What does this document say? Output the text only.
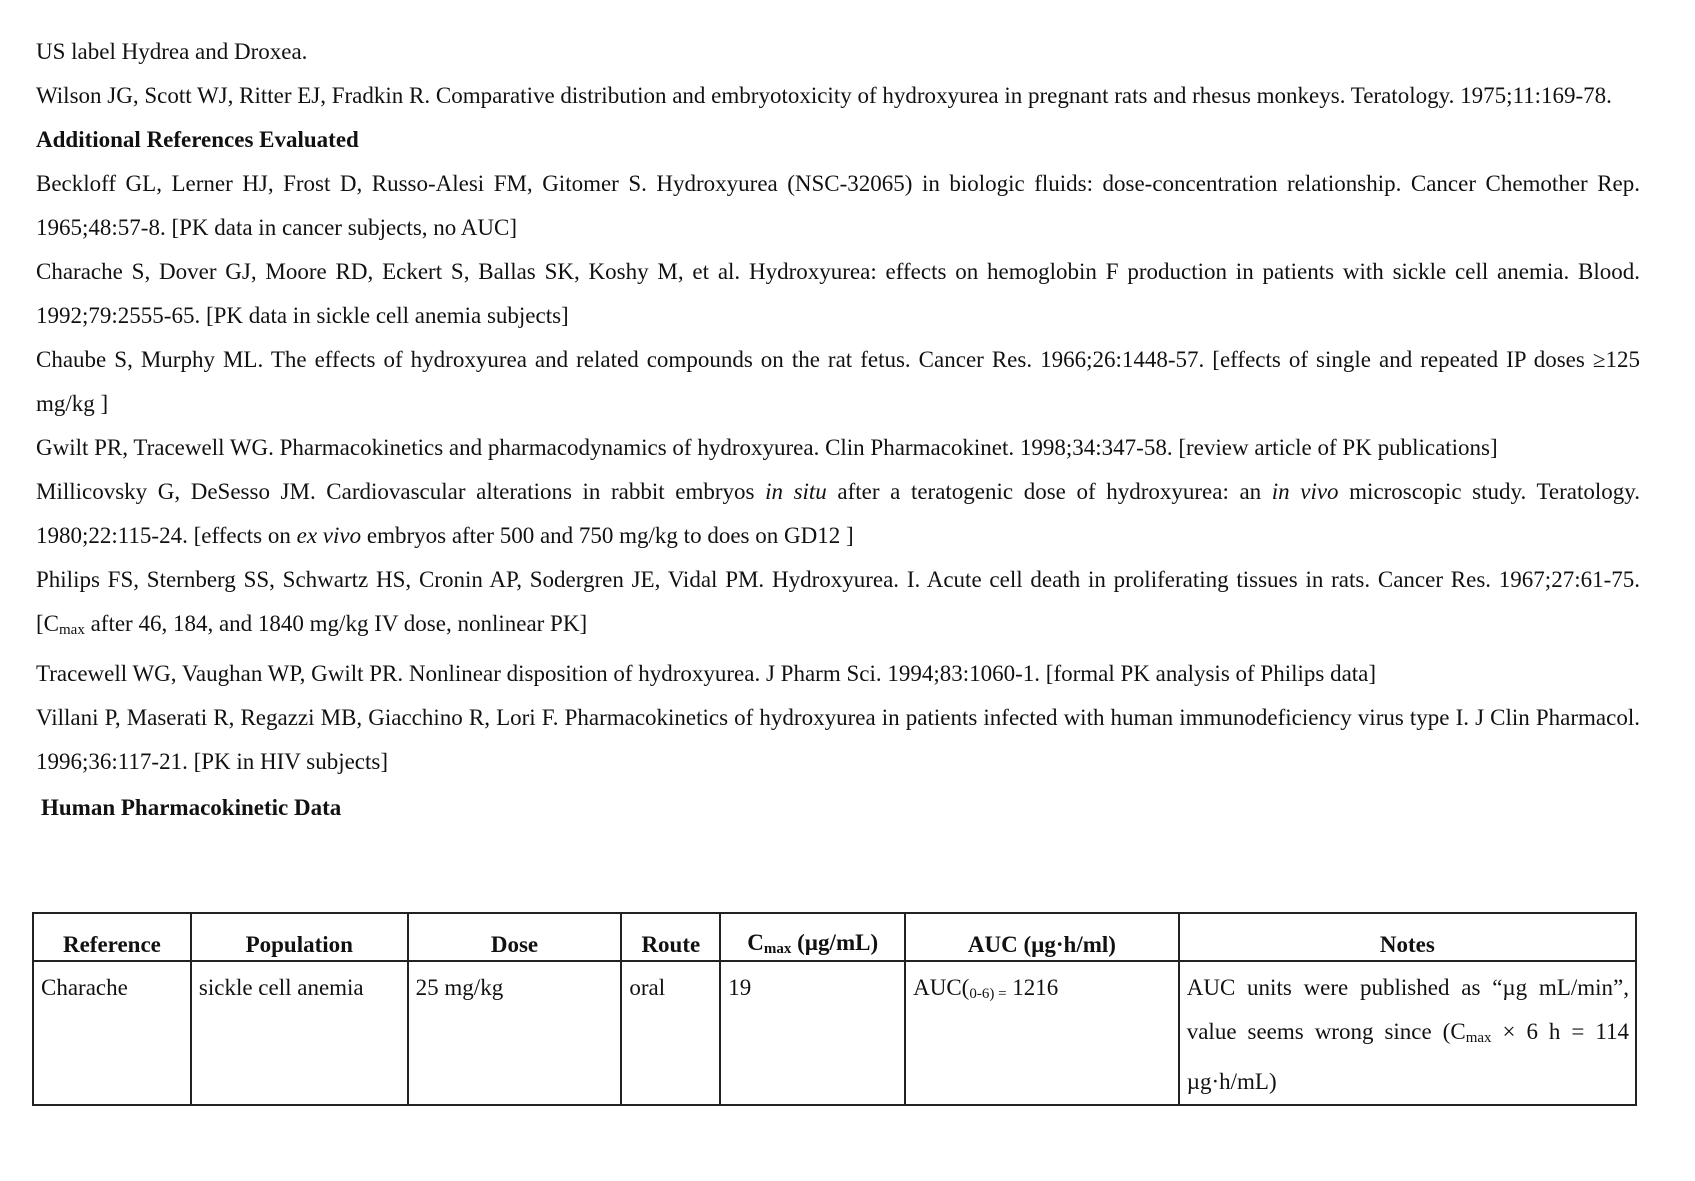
US label Hydrea and Droxea.

Wilson JG, Scott WJ, Ritter EJ, Fradkin R. Comparative distribution and embryotoxicity of hydroxyurea in pregnant rats and rhesus monkeys. Teratology. 1975;11:169-78.

Additional References Evaluated

Beckloff GL, Lerner HJ, Frost D, Russo-Alesi FM, Gitomer S. Hydroxyurea (NSC-32065) in biologic fluids: dose-concentration relationship. Cancer Chemother Rep. 1965;48:57-8. [PK data in cancer subjects, no AUC]

Charache S, Dover GJ, Moore RD, Eckert S, Ballas SK, Koshy M, et al. Hydroxyurea: effects on hemoglobin F production in patients with sickle cell anemia. Blood. 1992;79:2555-65. [PK data in sickle cell anemia subjects]

Chaube S, Murphy ML. The effects of hydroxyurea and related compounds on the rat fetus. Cancer Res. 1966;26:1448-57. [effects of single and repeated IP doses ≥125 mg/kg ]

Gwilt PR, Tracewell WG. Pharmacokinetics and pharmacodynamics of hydroxyurea. Clin Pharmacokinet. 1998;34:347-58. [review article of PK publications]

Millicovsky G, DeSesso JM. Cardiovascular alterations in rabbit embryos in situ after a teratogenic dose of hydroxyurea: an in vivo microscopic study. Teratology. 1980;22:115-24. [effects on ex vivo embryos after 500 and 750 mg/kg to does on GD12 ]

Philips FS, Sternberg SS, Schwartz HS, Cronin AP, Sodergren JE, Vidal PM. Hydroxyurea. I. Acute cell death in proliferating tissues in rats. Cancer Res. 1967;27:61-75. [$C_{max}$ after 46, 184, and 1840 mg/kg IV dose, nonlinear PK]

Tracewell WG, Vaughan WP, Gwilt PR. Nonlinear disposition of hydroxyurea. J Pharm Sci. 1994;83:1060-1. [formal PK analysis of Philips data]

Villani P, Maserati R, Regazzi MB, Giacchino R, Lori F. Pharmacokinetics of hydroxyurea in patients infected with human immunodeficiency virus type I. J Clin Pharmacol. 1996;36:117-21. [PK in HIV subjects]

Human Pharmacokinetic Data

Reference	Population	Dose	Route	$C_{max}$ (µg/mL)	AUC (µg·h/ml)	Notes
Charache	sickle cell anemia	25 mg/kg	oral	19	$AUC(_{0-6) =}$ 1216	AUC units were published as “µg mL/min”, value seems wrong since ($C_{max} \times 6$ h = 114 µg·h/mL)
